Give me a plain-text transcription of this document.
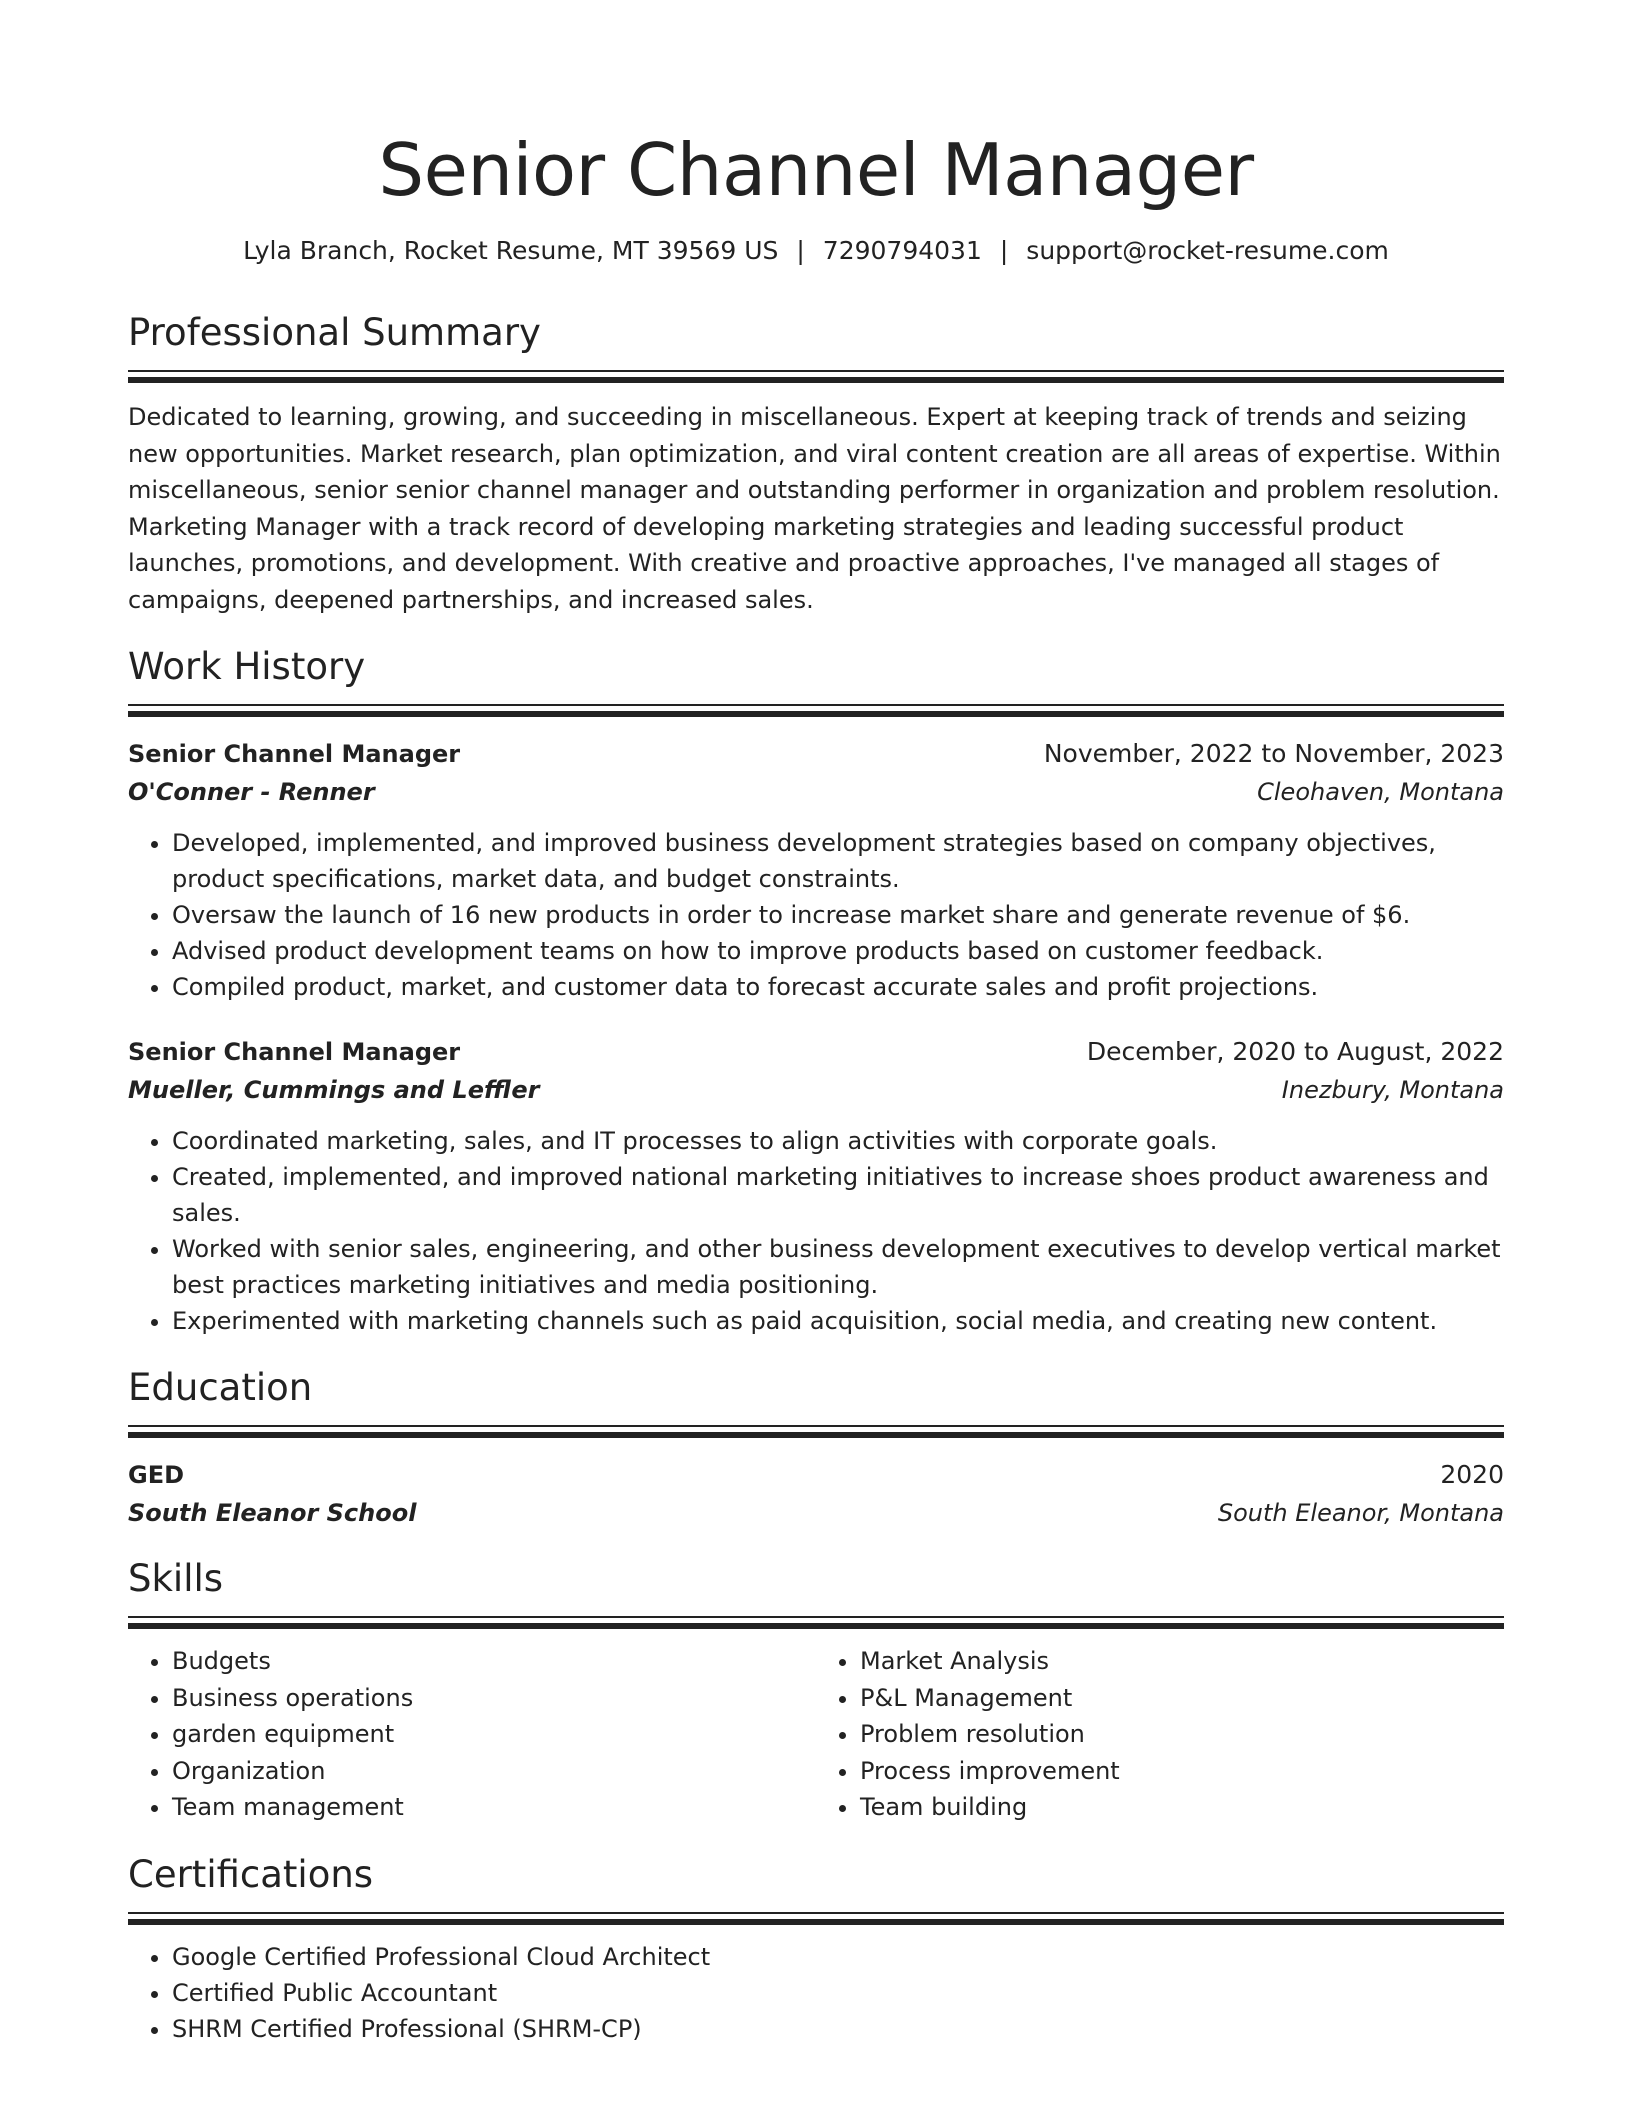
Senior Channel Manager
Lyla Branch, Rocket Resume, MT 39569 US | 7290794031 | support@rocket-resume.com
Professional Summary
Dedicated to learning, growing, and succeeding in miscellaneous. Expert at keeping track of trends and seizing new opportunities. Market research, plan optimization, and viral content creation are all areas of expertise. Within miscellaneous, senior senior channel manager and outstanding performer in organization and problem resolution. Marketing Manager with a track record of developing marketing strategies and leading successful product launches, promotions, and development. With creative and proactive approaches, I've managed all stages of campaigns, deepened partnerships, and increased sales.
Work History
Senior Channel Manager	November, 2022 to November, 2023
O'Conner - Renner	Cleohaven, Montana
• Developed, implemented, and improved business development strategies based on company objectives, product specifications, market data, and budget constraints.
• Oversaw the launch of 16 new products in order to increase market share and generate revenue of $6.
• Advised product development teams on how to improve products based on customer feedback.
• Compiled product, market, and customer data to forecast accurate sales and profit projections.
Senior Channel Manager	December, 2020 to August, 2022
Mueller, Cummings and Leffler	Inezbury, Montana
• Coordinated marketing, sales, and IT processes to align activities with corporate goals.
• Created, implemented, and improved national marketing initiatives to increase shoes product awareness and sales.
• Worked with senior sales, engineering, and other business development executives to develop vertical market best practices marketing initiatives and media positioning.
• Experimented with marketing channels such as paid acquisition, social media, and creating new content.
Education
GED	2020
South Eleanor School	South Eleanor, Montana
Skills
• Budgets
• Business operations
• garden equipment
• Organization
• Team management
• Market Analysis
• P&L Management
• Problem resolution
• Process improvement
• Team building
Certifications
• Google Certified Professional Cloud Architect
• Certified Public Accountant
• SHRM Certified Professional (SHRM-CP)
